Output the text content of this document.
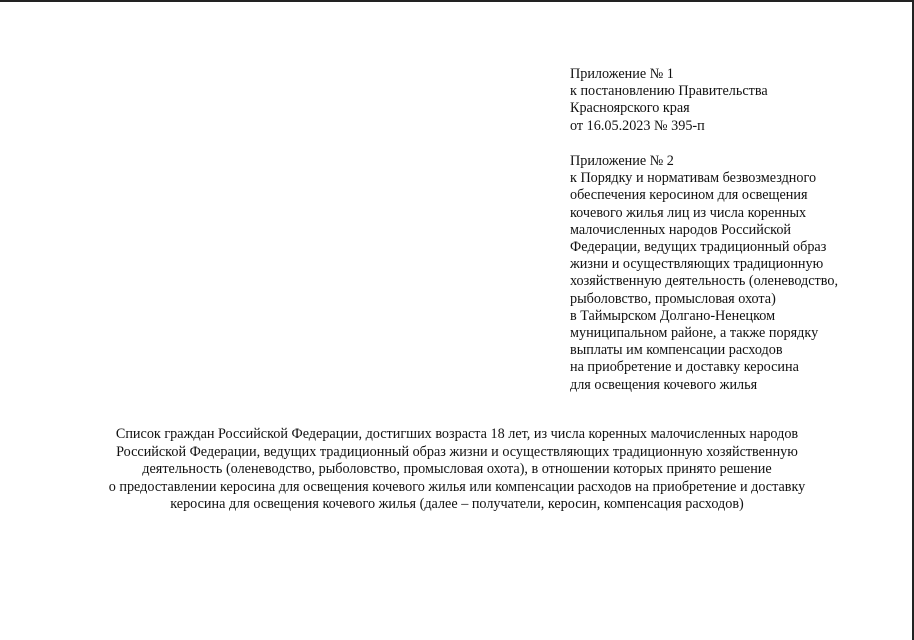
Приложение № 1
к постановлению Правительства
Красноярского края
от 16.05.2023 № 395-п
Приложение № 2
к Порядку и нормативам безвозмездного
обеспечения керосином для освещения
кочевого жилья лиц из числа коренных
малочисленных народов Российской
Федерации, ведущих традиционный образ
жизни и осуществляющих традиционную
хозяйственную деятельность (оленеводство,
рыболовство, промысловая охота)
в Таймырском Долгано-Ненецком
муниципальном районе, а также порядку
выплаты им компенсации расходов
на приобретение и доставку керосина
для освещения кочевого жилья
Список граждан Российской Федерации, достигших возраста 18 лет, из числа коренных малочисленных народов
Российской Федерации, ведущих традиционный образ жизни и осуществляющих традиционную хозяйственную
деятельность (оленеводство, рыболовство, промысловая охота), в отношении которых принято решение
о предоставлении керосина для освещения кочевого жилья или компенсации расходов на приобретение и доставку
керосина для освещения кочевого жилья (далее – получатели, керосин, компенсация расходов)
